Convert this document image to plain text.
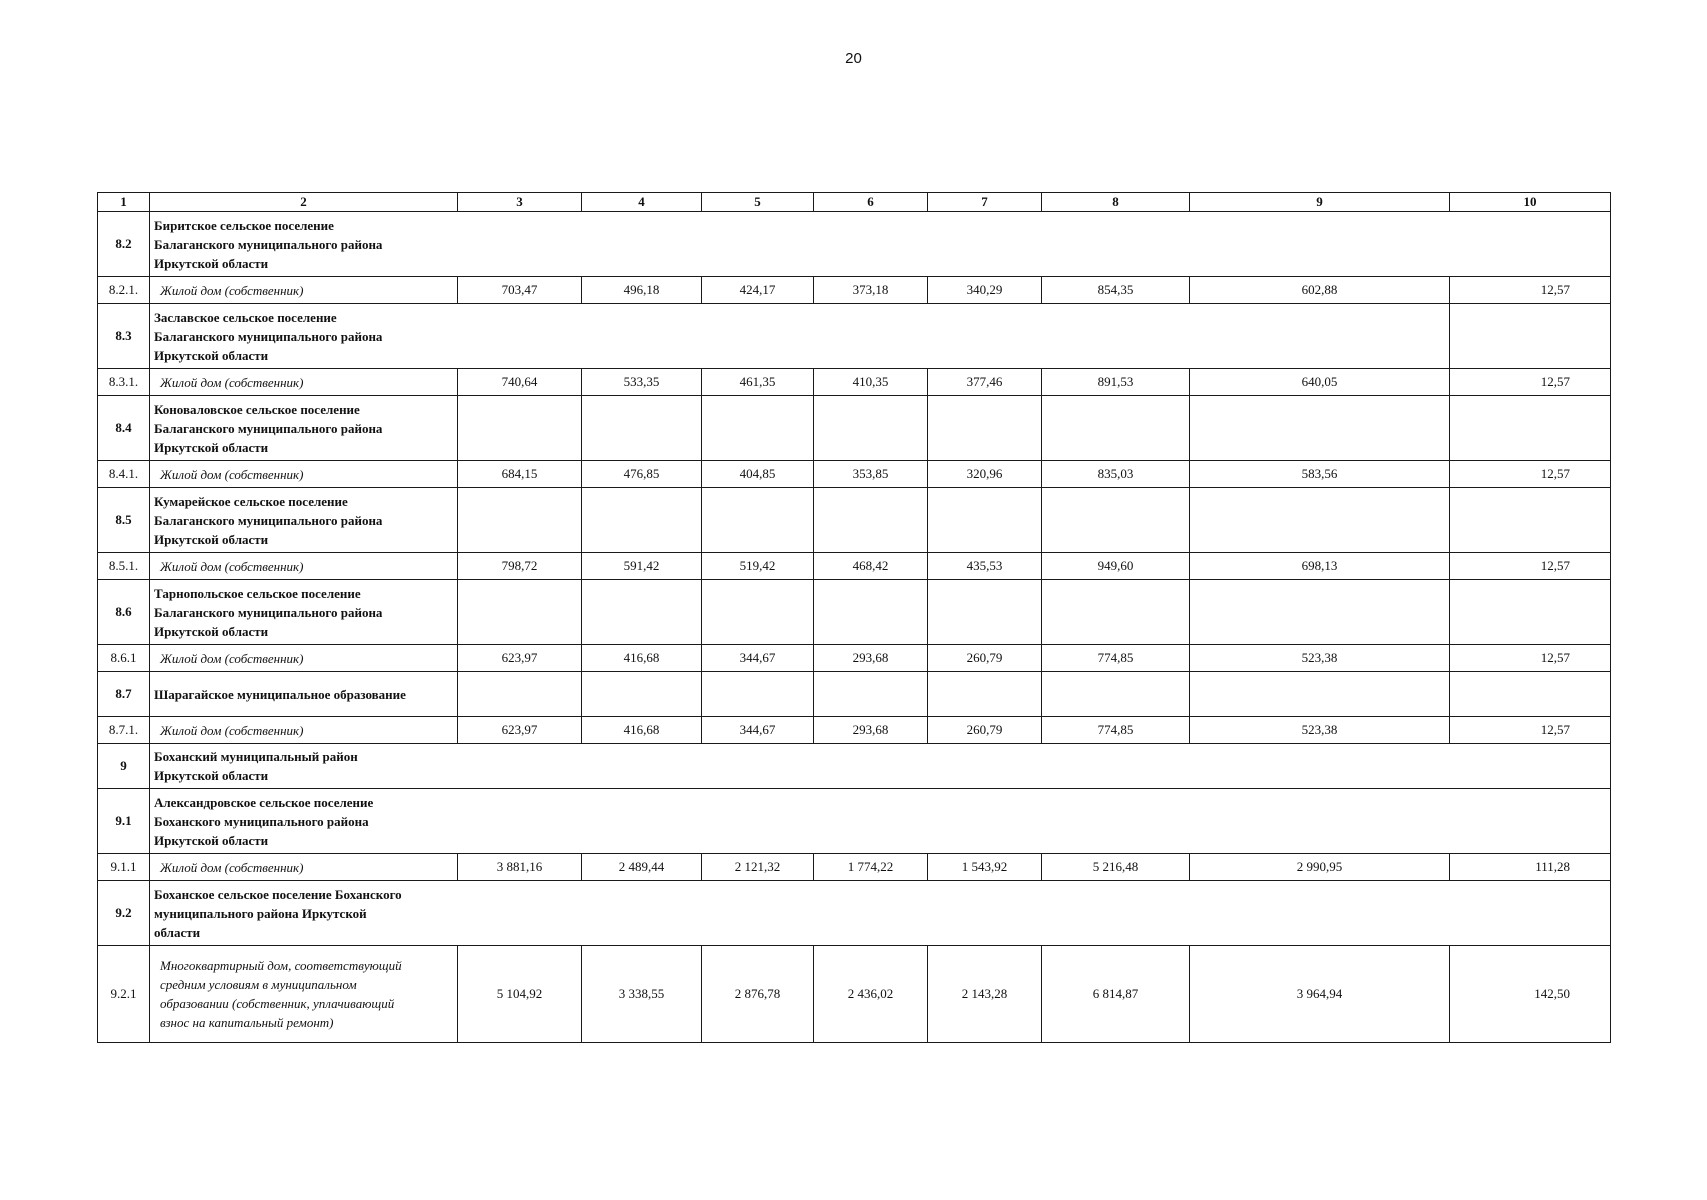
20
1	2	3	4	5	6	7	8	9	10
8.2	Биритское сельское поселение
Балаганского муниципального района
Иркутской области								
8.2.1.	Жилой дом (собственник)	703,47	496,18	424,17	373,18	340,29	854,35	602,88	12,57
8.3	Заславское сельское поселение
Балаганского муниципального района
Иркутской области								
8.3.1.	Жилой дом (собственник)	740,64	533,35	461,35	410,35	377,46	891,53	640,05	12,57
8.4	Коноваловское сельское поселение
Балаганского муниципального района
Иркутской области								
8.4.1.	Жилой дом (собственник)	684,15	476,85	404,85	353,85	320,96	835,03	583,56	12,57
8.5	Кумарейское сельское поселение
Балаганского муниципального района
Иркутской области								
8.5.1.	Жилой дом (собственник)	798,72	591,42	519,42	468,42	435,53	949,60	698,13	12,57
8.6	Тарнопольское сельское поселение
Балаганского муниципального района
Иркутской области								
8.6.1	Жилой дом (собственник)	623,97	416,68	344,67	293,68	260,79	774,85	523,38	12,57
8.7	Шарагайское муниципальное образование								
8.7.1.	Жилой дом (собственник)	623,97	416,68	344,67	293,68	260,79	774,85	523,38	12,57
9	Боханский муниципальный район
Иркутской области								
9.1	Александровское сельское поселение
Боханского муниципального района
Иркутской области								
9.1.1	Жилой дом (собственник)	3 881,16	2 489,44	2 121,32	1 774,22	1 543,92	5 216,48	2 990,95	111,28
9.2	Боханское сельское поселение Боханского
муниципального района Иркутской
области								
9.2.1	Многоквартирный дом, соответствующий
средним условиям в муниципальном
образовании (собственник, уплачивающий
взнос на капитальный ремонт)	5 104,92	3 338,55	2 876,78	2 436,02	2 143,28	6 814,87	3 964,94	142,50
